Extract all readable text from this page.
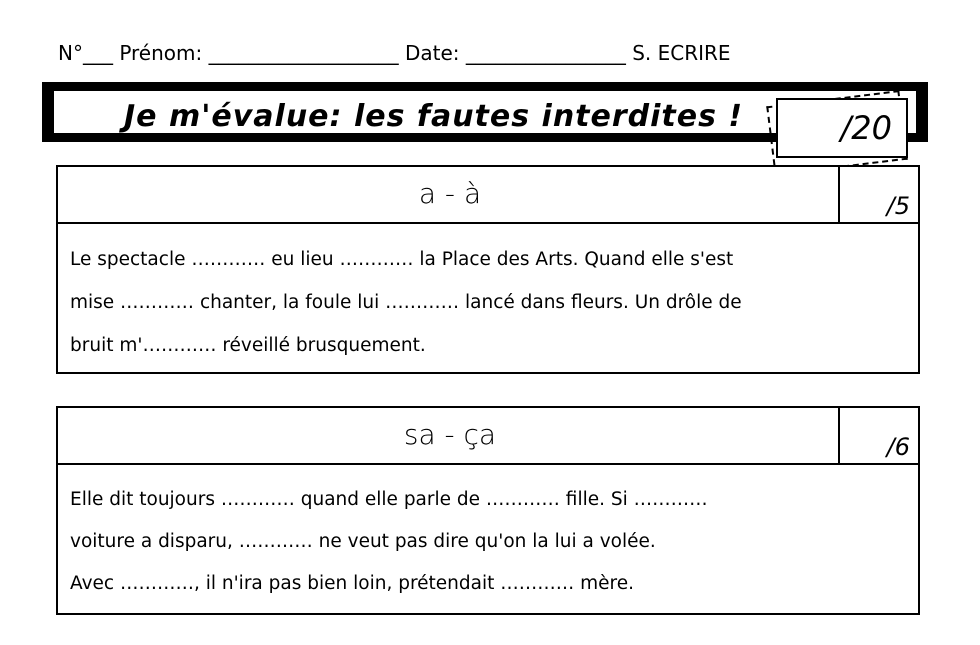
N°___ Prénom: ___________________ Date: ________________ S. ECRIRE
Je m'évalue: les fautes interdites !	/20
a - à	/5

Le spectacle ………… eu lieu ………… la Place des Arts. Quand elle s'est

mise ………… chanter, la foule lui ………… lancé dans fleurs. Un drôle de

bruit m'………… réveillé brusquement.

sa - ça	/6

Elle dit toujours ………… quand elle parle de ………… fille. Si …………

voiture a disparu, ………… ne veut pas dire qu'on la lui a volée.

Avec …………, il n'ira pas bien loin, prétendait ………… mère.
